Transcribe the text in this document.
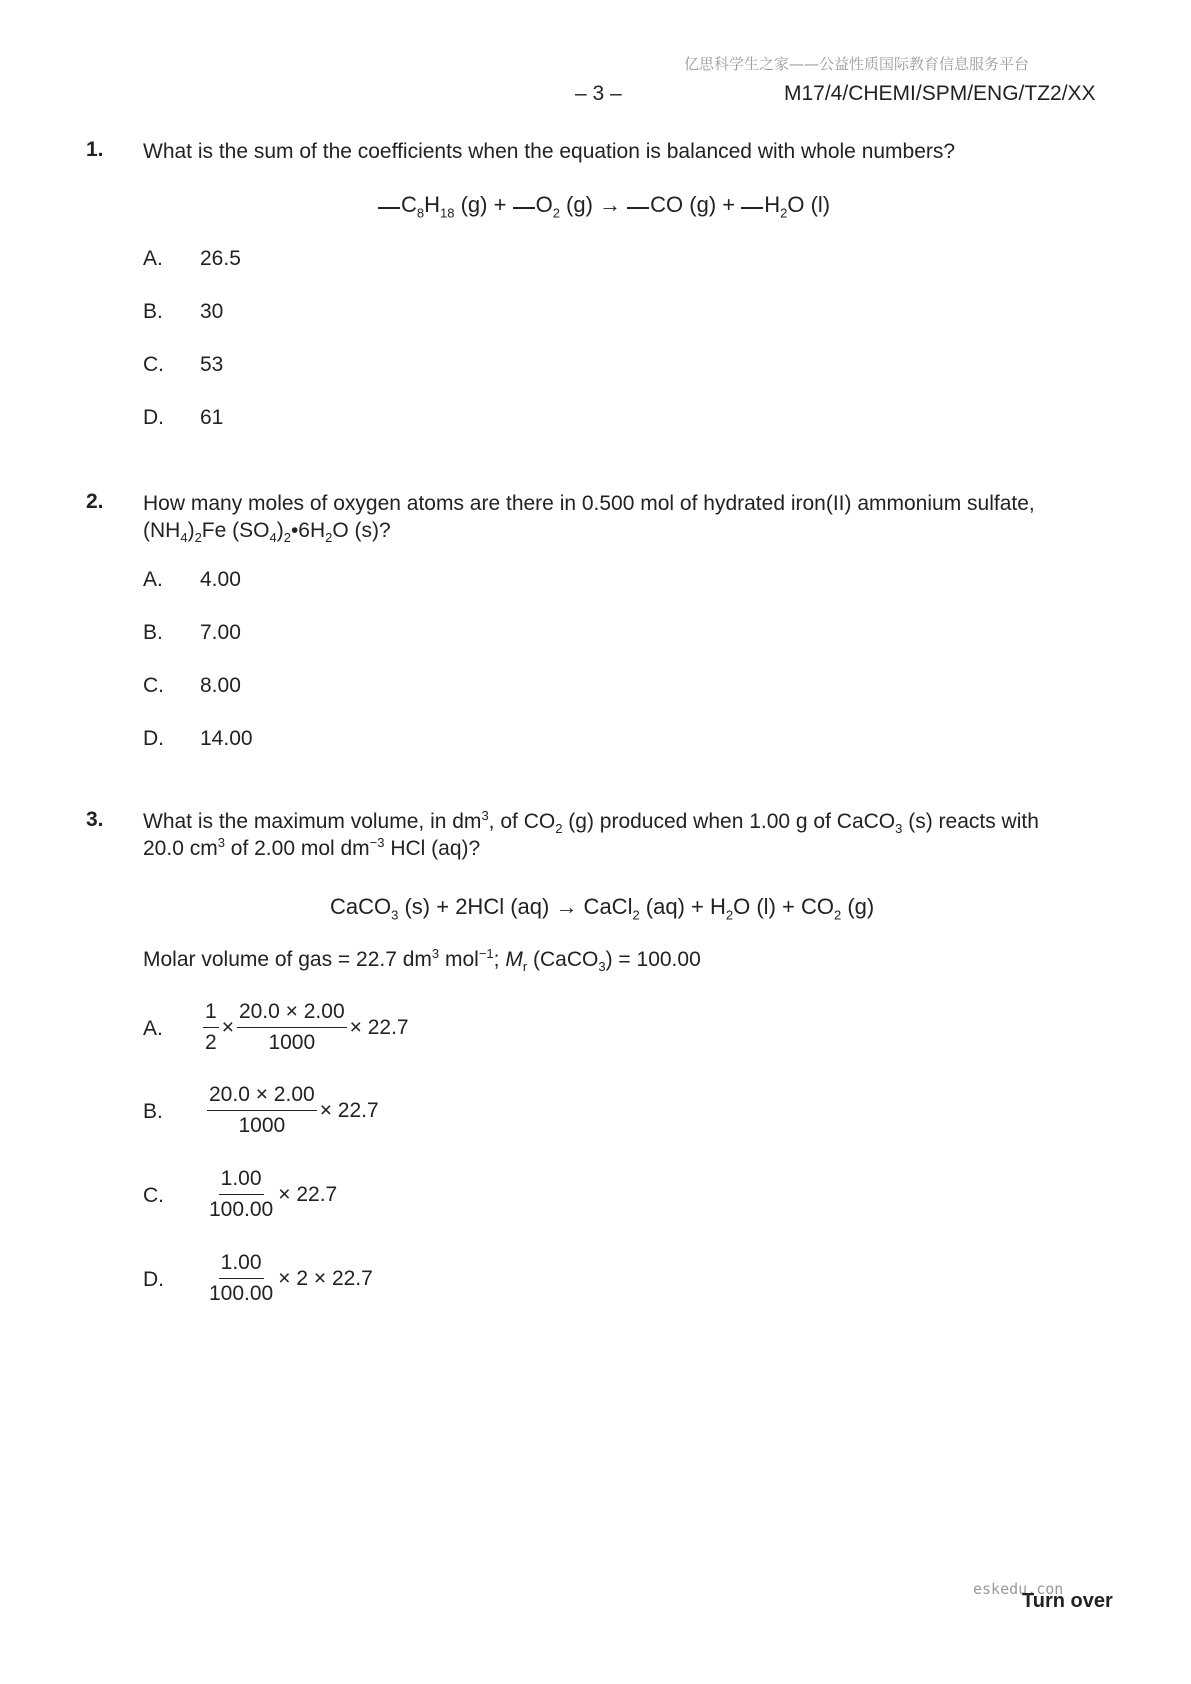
亿思科学生之家——公益性质国际教育信息服务平台
– 3 –	M17/4/CHEMI/SPM/ENG/TZ2/XX
1. What is the sum of the coefficients when the equation is balanced with whole numbers?
$C_8H_{18}$ $(g) + O_2$ (g) → CO $(g) + H_2O$ (l)
A. 26.5
B. 30
C. 53
D. 61
2. How many moles of oxygen atoms are there in 0.500 mol of hydrated iron(II) ammonium sulfate,
$(NH_4)_2Fe$ $(SO_4)_2•6H_2O$ (s)?
A. 4.00
B. 7.00
C. 8.00
D. 14.00
3. What is the maximum volume, in $dm^3$, of $CO_2$ (g) produced when 1.00 g of CaCO$_3$ (s) reacts with
20.0 $cm^3$ of 2.00 mol $dm^{-3}$ HCl (aq)?
CaCO$_3$ (s) + 2HCl (aq) → CaCl$_2$ $(aq) + H_2O$ $(l) + CO_2$ (g)
Molar volume of gas = 22.7 $dm^3$ mol$^{-1}$; $M_r$ (CaCO$_3$) = 100.00
A. $\frac{1}{2} \times \frac{20.0 \times 2.00}{1000} \times 22.7$
B. $\frac{20.0 \times 2.00}{1000} \times 22.7$
C. $\frac{1.00}{100.00} \times 22.7$
D. $\frac{1.00}{100.00} \times 2 \times 22.7$
eskedu.con
Turn over
